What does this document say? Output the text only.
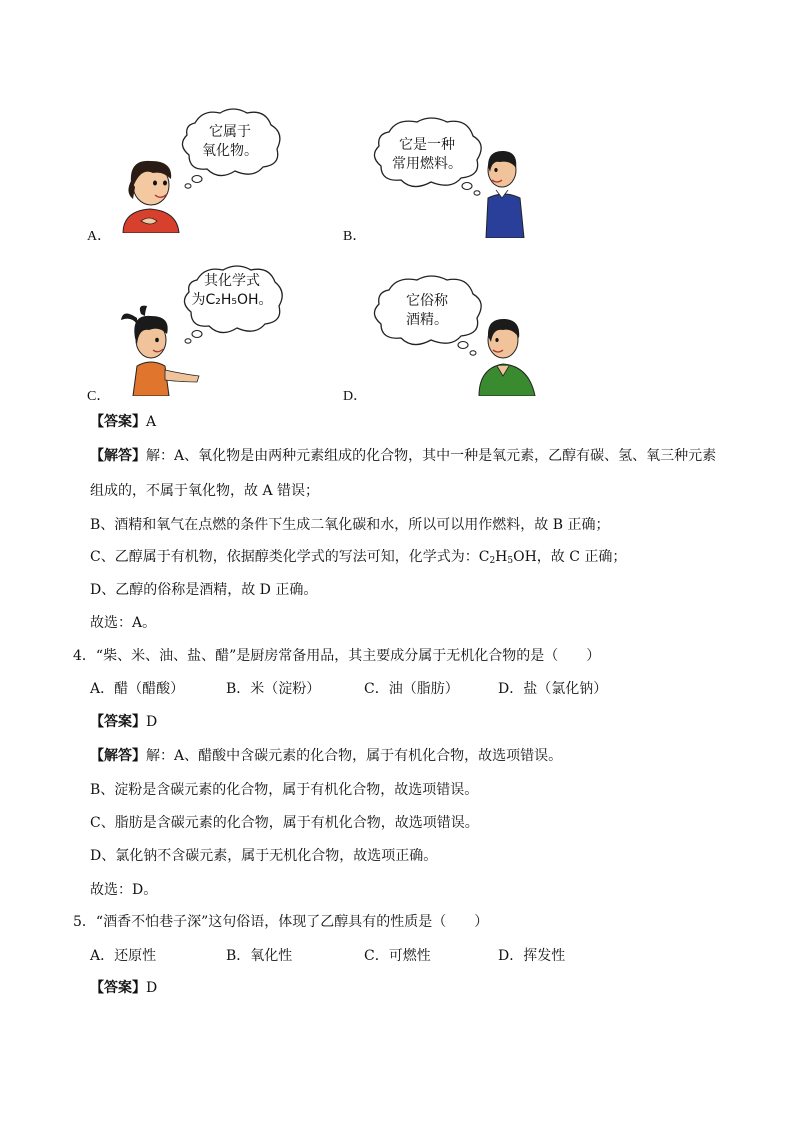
它属于
氧化物。
A．
它是一种
常用燃料。
B．
其化学式
为C₂H₅OH。
C．
它俗称
酒精。
D．
【答案】A
【解答】解：A、氧化物是由两种元素组成的化合物，其中一种是氧元素，乙醇有碳、氢、氧三种元素
组成的，不属于氧化物，故 A 错误；
B、酒精和氧气在点燃的条件下生成二氧化碳和水，所以可以用作燃料，故 B 正确；
C、乙醇属于有机物，依据醇类化学式的写法可知，化学式为：$C_2H_5OH$，故 C 正确；
D、乙醇的俗称是酒精，故 D 正确。
故选：A。
4．“柴、米、油、盐、醋”是厨房常备用品，其主要成分属于无机化合物的是（　　）
A．醋（醋酸）	B．米（淀粉）	C．油（脂肪）	D．盐（氯化钠）
【答案】D
【解答】解：A、醋酸中含碳元素的化合物，属于有机化合物，故选项错误。
B、淀粉是含碳元素的化合物，属于有机化合物，故选项错误。
C、脂肪是含碳元素的化合物，属于有机化合物，故选项错误。
D、氯化钠不含碳元素，属于无机化合物，故选项正确。
故选：D。
5．“酒香不怕巷子深”这句俗语，体现了乙醇具有的性质是（　　）
A．还原性	B．氧化性	C．可燃性	D．挥发性
【答案】D
